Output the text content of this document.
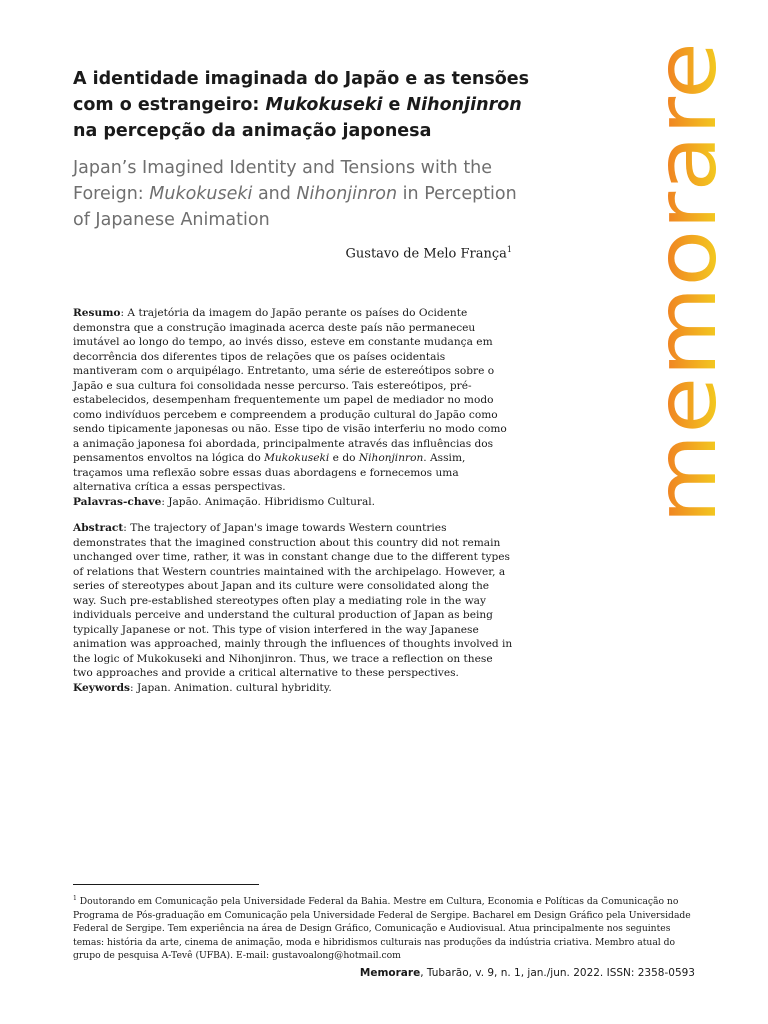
A identidade imaginada do Japão e as tensões com o estrangeiro: Mukokuseki e Nihonjinron na percepção da animação japonesa
Japan’s Imagined Identity and Tensions with the Foreign: Mukokuseki and Nihonjinron in Perception of Japanese Animation
Gustavo de Melo França$^1$
Resumo: A trajetória da imagem do Japão perante os países do Ocidente demonstra que a construção imaginada acerca deste país não permaneceu imutável ao longo do tempo, ao invés disso, esteve em constante mudança em decorrência dos diferentes tipos de relações que os países ocidentais mantiveram com o arquipélago. Entretanto, uma série de estereótipos sobre o Japão e sua cultura foi consolidada nesse percurso. Tais estereótipos, pré-estabelecidos, desempenham frequentemente um papel de mediador no modo como indivíduos percebem e compreendem a produção cultural do Japão como sendo tipicamente japonesas ou não. Esse tipo de visão interferiu no modo como a animação japonesa foi abordada, principalmente através das influências dos pensamentos envoltos na lógica do Mukokuseki e do Nihonjinron. Assim, traçamos uma reflexão sobre essas duas abordagens e fornecemos uma alternativa crítica a essas perspectivas.
Palavras-chave: Japão. Animação. Hibridismo Cultural.
Abstract: The trajectory of Japan's image towards Western countries demonstrates that the imagined construction about this country did not remain unchanged over time, rather, it was in constant change due to the different types of relations that Western countries maintained with the archipelago. However, a series of stereotypes about Japan and its culture were consolidated along the way. Such pre-established stereotypes often play a mediating role in the way individuals perceive and understand the cultural production of Japan as being typically Japanese or not. This type of vision interfered in the way Japanese animation was approached, mainly through the influences of thoughts involved in the logic of Mukokuseki and Nihonjinron. Thus, we trace a reflection on these two approaches and provide a critical alternative to these perspectives.
Keywords: Japan. Animation. cultural hybridity.
memorare
$^1$ Doutorando em Comunicação pela Universidade Federal da Bahia. Mestre em Cultura, Economia e Políticas da Comunicação no Programa de Pós-graduação em Comunicação pela Universidade Federal de Sergipe. Bacharel em Design Gráfico pela Universidade Federal de Sergipe. Tem experiência na área de Design Gráfico, Comunicação e Audiovisual. Atua principalmente nos seguintes temas: história da arte, cinema de animação, moda e hibridismos culturais nas produções da indústria criativa. Membro atual do grupo de pesquisa A-Tevê (UFBA). E-mail: gustavoalong@hotmail.com
Memorare, Tubarão, v. 9, n. 1, jan./jun. 2022. ISSN: 2358-0593
